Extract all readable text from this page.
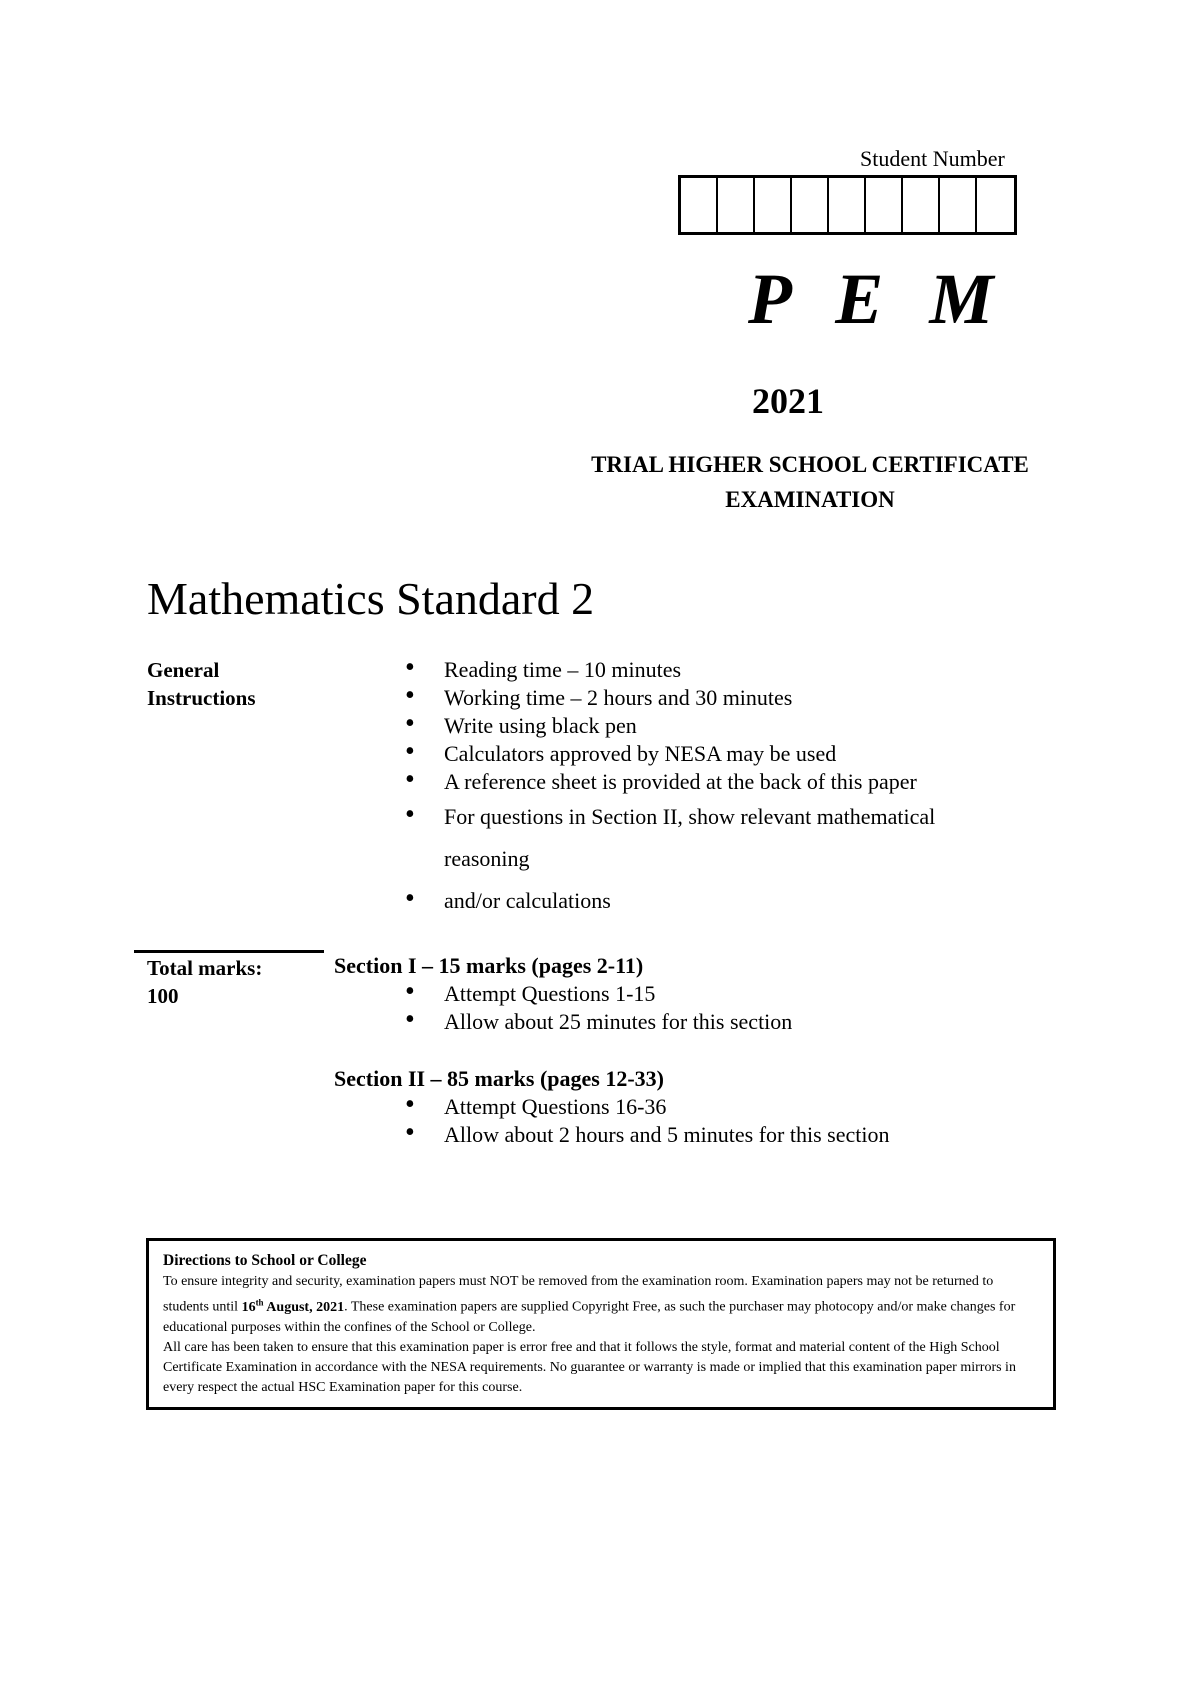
Student Number
P E M
2021
TRIAL HIGHER SCHOOL CERTIFICATE
EXAMINATION
Mathematics Standard 2
General
Instructions
• Reading time – 10 minutes
• Working time – 2 hours and 30 minutes
• Write using black pen
• Calculators approved by NESA may be used
• A reference sheet is provided at the back of this paper
• For questions in Section II, show relevant mathematical
reasoning
• and/or calculations
Total marks:
100
Section I – 15 marks (pages 2-11)
• Attempt Questions 1-15
• Allow about 25 minutes for this section
Section II – 85 marks (pages 12-33)
• Attempt Questions 16-36
• Allow about 2 hours and 5 minutes for this section
Directions to School or College

To ensure integrity and security, examination papers must NOT be removed from the examination room. Examination papers may not be returned to students until 16th August, 2021. These examination papers are supplied Copyright Free, as such the purchaser may photocopy and/or make changes for educational purposes within the confines of the School or College.

All care has been taken to ensure that this examination paper is error free and that it follows the style, format and material content of the High School Certificate Examination in accordance with the NESA requirements. No guarantee or warranty is made or implied that this examination paper mirrors in every respect the actual HSC Examination paper for this course.
